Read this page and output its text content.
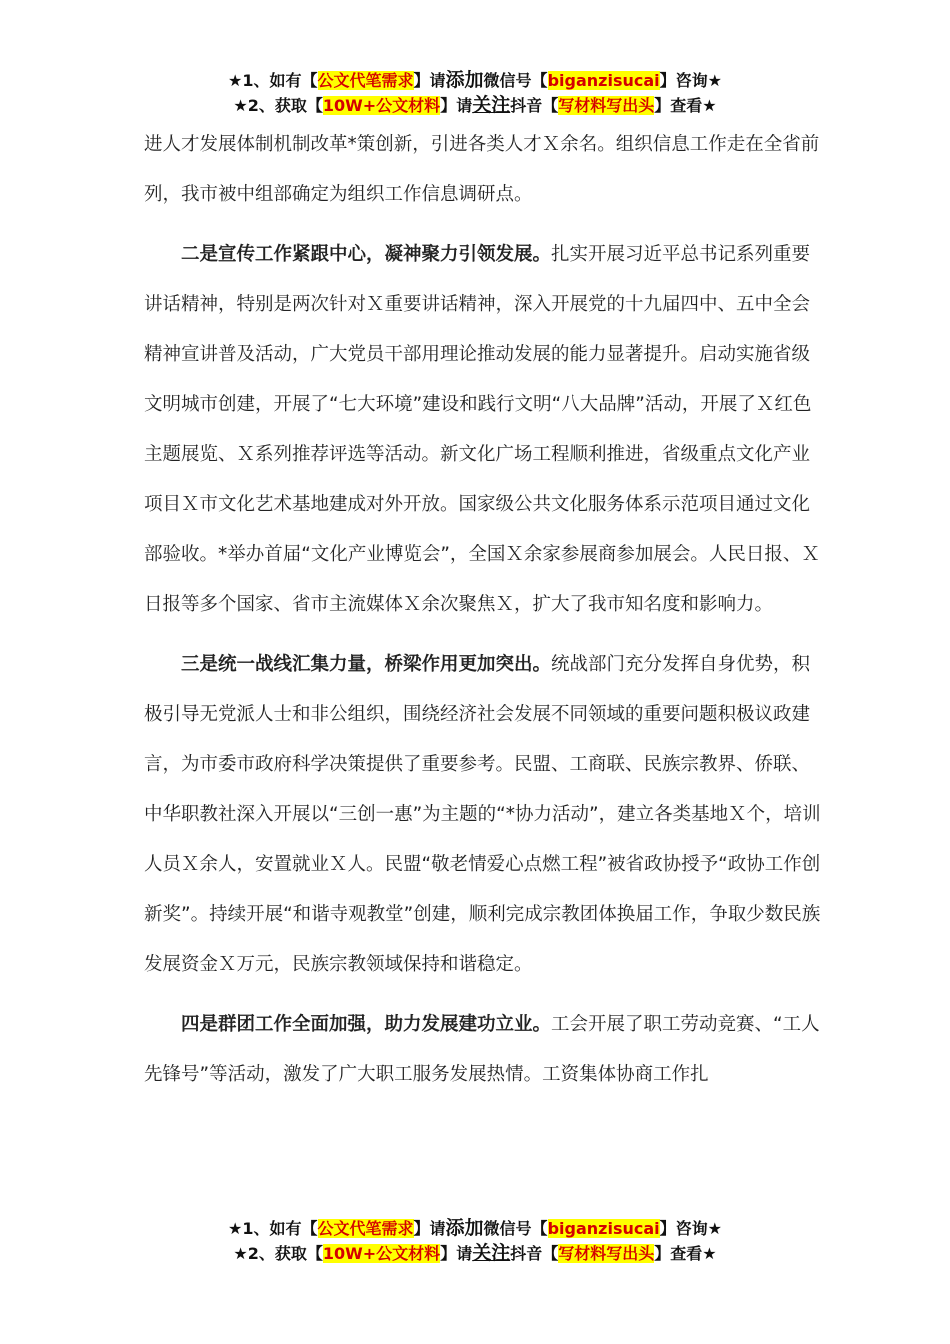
★1、如有【公文代笔需求】请添加微信号【biganzisucai】咨询★
★2、获取【10W+公文材料】请关注抖音【写材料写出头】查看★

进人才发展体制机制改革*策创新，引进各类人才Ｘ余名。组织信息工作走在全省前列，我市被中组部确定为组织工作信息调研点。

二是宣传工作紧跟中心，凝神聚力引领发展。扎实开展习近平总书记系列重要讲话精神，特别是两次针对Ｘ重要讲话精神，深入开展党的十九届四中、五中全会精神宣讲普及活动，广大党员干部用理论推动发展的能力显著提升。启动实施省级文明城市创建，开展了“七大环境”建设和践行文明“八大品牌”活动，开展了Ｘ红色主题展览、Ｘ系列推荐评选等活动。新文化广场工程顺利推进，省级重点文化产业项目Ｘ市文化艺术基地建成对外开放。国家级公共文化服务体系示范项目通过文化部验收。*举办首届“文化产业博览会”，全国Ｘ余家参展商参加展会。人民日报、Ｘ日报等多个国家、省市主流媒体Ｘ余次聚焦Ｘ，扩大了我市知名度和影响力。

三是统一战线汇集力量，桥梁作用更加突出。统战部门充分发挥自身优势，积极引导无党派人士和非公组织，围绕经济社会发展不同领域的重要问题积极议政建言，为市委市政府科学决策提供了重要参考。民盟、工商联、民族宗教界、侨联、中华职教社深入开展以“三创一惠”为主题的“*协力活动”，建立各类基地Ｘ个，培训人员Ｘ余人，安置就业Ｘ人。民盟“敬老情爱心点燃工程”被省政协授予“政协工作创新奖”。持续开展“和谐寺观教堂”创建，顺利完成宗教团体换届工作，争取少数民族发展资金Ｘ万元，民族宗教领域保持和谐稳定。

四是群团工作全面加强，助力发展建功立业。工会开展了职工劳动竞赛、“工人先锋号”等活动，激发了广大职工服务发展热情。工资集体协商工作扎

★1、如有【公文代笔需求】请添加微信号【biganzisucai】咨询★
★2、获取【10W+公文材料】请关注抖音【写材料写出头】查看★
